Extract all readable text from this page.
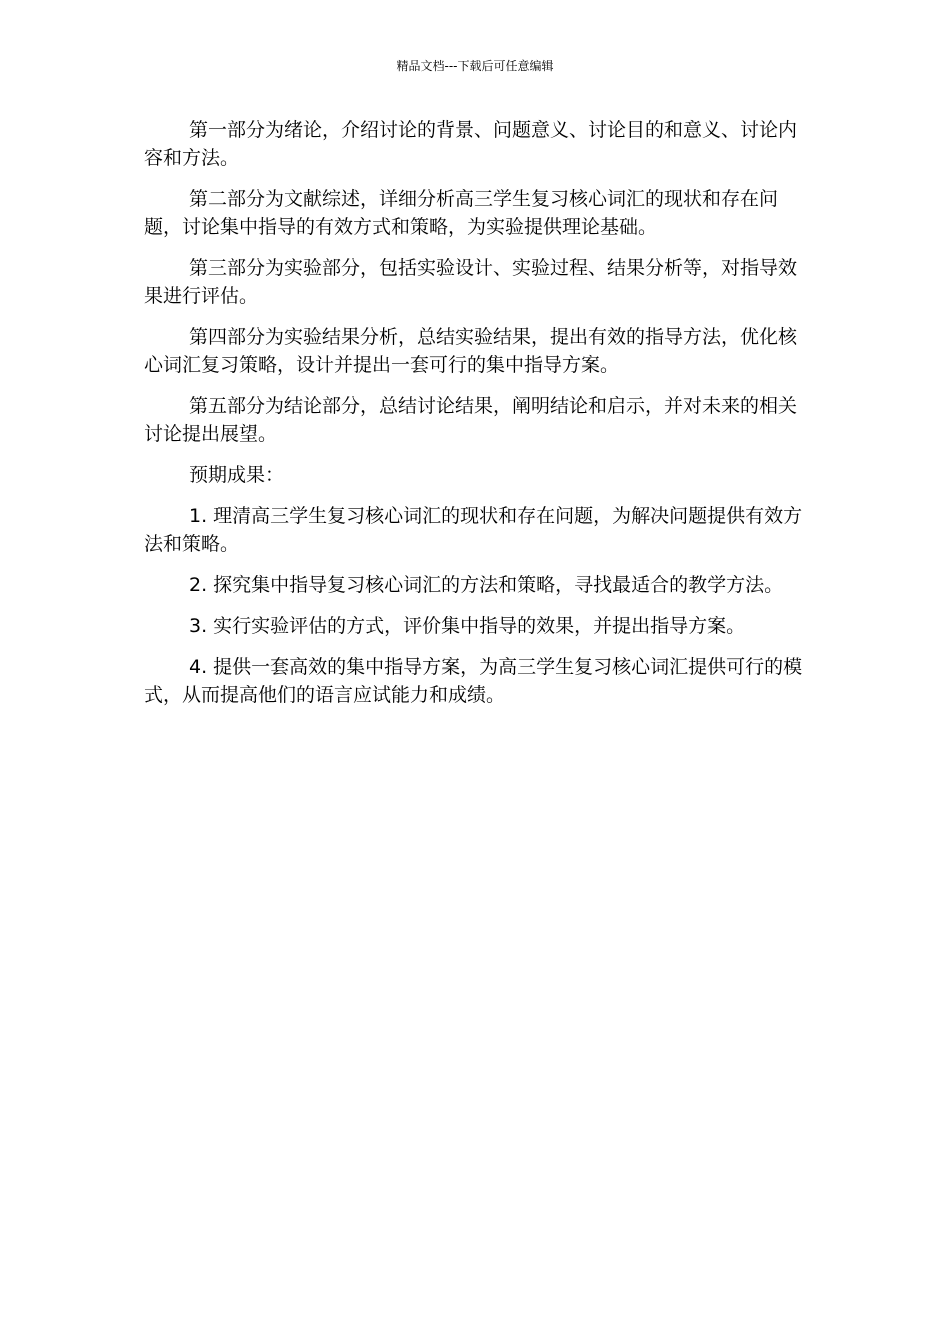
精品文档---下载后可任意编辑

第一部分为绪论，介绍讨论的背景、问题意义、讨论目的和意义、讨论内容和方法。

第二部分为文献综述，详细分析高三学生复习核心词汇的现状和存在问题，讨论集中指导的有效方式和策略，为实验提供理论基础。

第三部分为实验部分，包括实验设计、实验过程、结果分析等，对指导效果进行评估。

第四部分为实验结果分析，总结实验结果，提出有效的指导方法，优化核心词汇复习策略，设计并提出一套可行的集中指导方案。

第五部分为结论部分，总结讨论结果，阐明结论和启示，并对未来的相关讨论提出展望。

预期成果：

1. 理清高三学生复习核心词汇的现状和存在问题，为解决问题提供有效方法和策略。

2. 探究集中指导复习核心词汇的方法和策略，寻找最适合的教学方法。

3. 实行实验评估的方式，评价集中指导的效果，并提出指导方案。

4. 提供一套高效的集中指导方案，为高三学生复习核心词汇提供可行的模式，从而提高他们的语言应试能力和成绩。
